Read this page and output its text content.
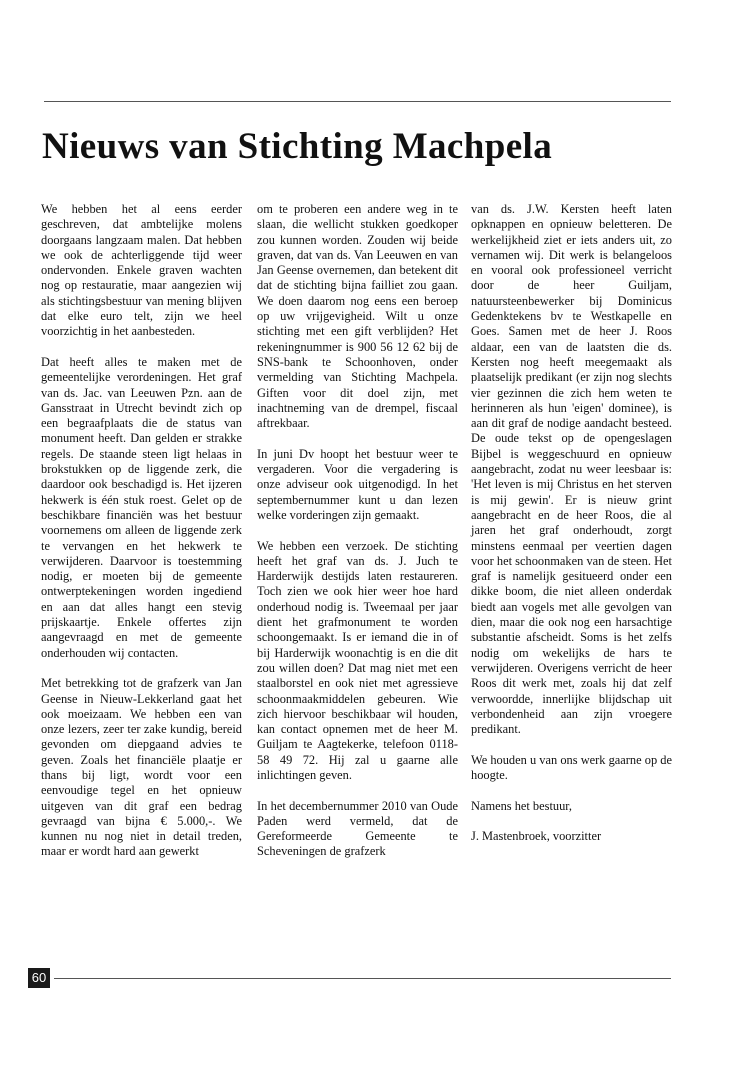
Nieuws van Stichting Machpela

We hebben het al eens eerder geschreven, dat ambtelijke molens doorgaans langzaam malen. Dat hebben we ook de achterliggende tijd weer ondervonden. Enkele graven wachten nog op restauratie, maar aangezien wij als stichtingsbestuur van mening blijven dat elke euro telt, zijn we heel voorzichtig in het aanbesteden.

Dat heeft alles te maken met de gemeentelijke verordeningen. Het graf van ds. Jac. van Leeuwen Pzn. aan de Gansstraat in Utrecht bevindt zich op een begraafplaats die de status van monument heeft. Dan gelden er strakke regels. De staande steen ligt helaas in brokstukken op de liggende zerk, die daardoor ook beschadigd is. Het ijzeren hekwerk is één stuk roest. Gelet op de beschikbare financiën was het bestuur voornemens om alleen de liggende zerk te vervangen en het hekwerk te verwijderen. Daarvoor is toestemming nodig, er moeten bij de gemeente ontwerptekeningen worden ingediend en aan dat alles hangt een stevig prijskaartje. Enkele offertes zijn aangevraagd en met de gemeente onderhouden wij contacten.

Met betrekking tot de grafzerk van Jan Geense in Nieuw-Lekkerland gaat het ook moeizaam. We hebben een van onze lezers, zeer ter zake kundig, bereid gevonden om diepgaand advies te geven. Zoals het financiële plaatje er thans bij ligt, wordt voor een eenvoudige tegel en het opnieuw uitgeven van dit graf een bedrag gevraagd van bijna € 5.000,-. We kunnen nu nog niet in detail treden, maar er wordt hard aan gewerkt

om te proberen een andere weg in te slaan, die wellicht stukken goedkoper zou kunnen worden. Zouden wij beide graven, dat van ds. Van Leeuwen en van Jan Geense overnemen, dan betekent dit dat de stichting bijna failliet zou gaan. We doen daarom nog eens een beroep op uw vrijgevigheid. Wilt u onze stichting met een gift verblijden? Het rekeningnummer is 900 56 12 62 bij de SNS-bank te Schoonhoven, onder vermelding van Stichting Machpela. Giften voor dit doel zijn, met inachtneming van de drempel, fiscaal aftrekbaar.

In juni Dv hoopt het bestuur weer te vergaderen. Voor die vergadering is onze adviseur ook uitgenodigd. In het septembernummer kunt u dan lezen welke vorderingen zijn gemaakt.

We hebben een verzoek. De stichting heeft het graf van ds. J. Juch te Harderwijk destijds laten restaureren. Toch zien we ook hier weer hoe hard onderhoud nodig is. Tweemaal per jaar dient het grafmonument te worden schoongemaakt. Is er iemand die in of bij Harderwijk woonachtig is en die dit zou willen doen? Dat mag niet met een staalborstel en ook niet met agressieve schoonmaakmiddelen gebeuren. Wie zich hiervoor beschikbaar wil houden, kan contact opnemen met de heer M. Guiljam te Aagtekerke, telefoon 0118-58 49 72. Hij zal u gaarne alle inlichtingen geven.

In het decembernummer 2010 van Oude Paden werd vermeld, dat de Gereformeerde Gemeente te Scheveningen de grafzerk

van ds. J.W. Kersten heeft laten opknappen en opnieuw beletteren. De werkelijkheid ziet er iets anders uit, zo vernamen wij. Dit werk is belangeloos en vooral ook professioneel verricht door de heer Guiljam, natuursteenbewerker bij Dominicus Gedenktekens bv te Westkapelle en Goes. Samen met de heer J. Roos aldaar, een van de laatsten die ds. Kersten nog heeft meegemaakt als plaatselijk predikant (er zijn nog slechts vier gezinnen die zich hem weten te herinneren als hun 'eigen' dominee), is aan dit graf de nodige aandacht besteed. De oude tekst op de opengeslagen Bijbel is weggeschuurd en opnieuw aangebracht, zodat nu weer leesbaar is: 'Het leven is mij Christus en het sterven is mij gewin'. Er is nieuw grint aangebracht en de heer Roos, die al jaren het graf onderhoudt, zorgt minstens eenmaal per veertien dagen voor het schoonmaken van de steen. Het graf is namelijk gesitueerd onder een dikke boom, die niet alleen onderdak biedt aan vogels met alle gevolgen van dien, maar die ook nog een harsachtige substantie afscheidt. Soms is het zelfs nodig om wekelijks de hars te verwijderen. Overigens verricht de heer Roos dit werk met, zoals hij dat zelf verwoordde, innerlijke blijdschap uit verbondenheid aan zijn vroegere predikant.

We houden u van ons werk gaarne op de hoogte.

Namens het bestuur,

J. Mastenbroek, voorzitter

60
